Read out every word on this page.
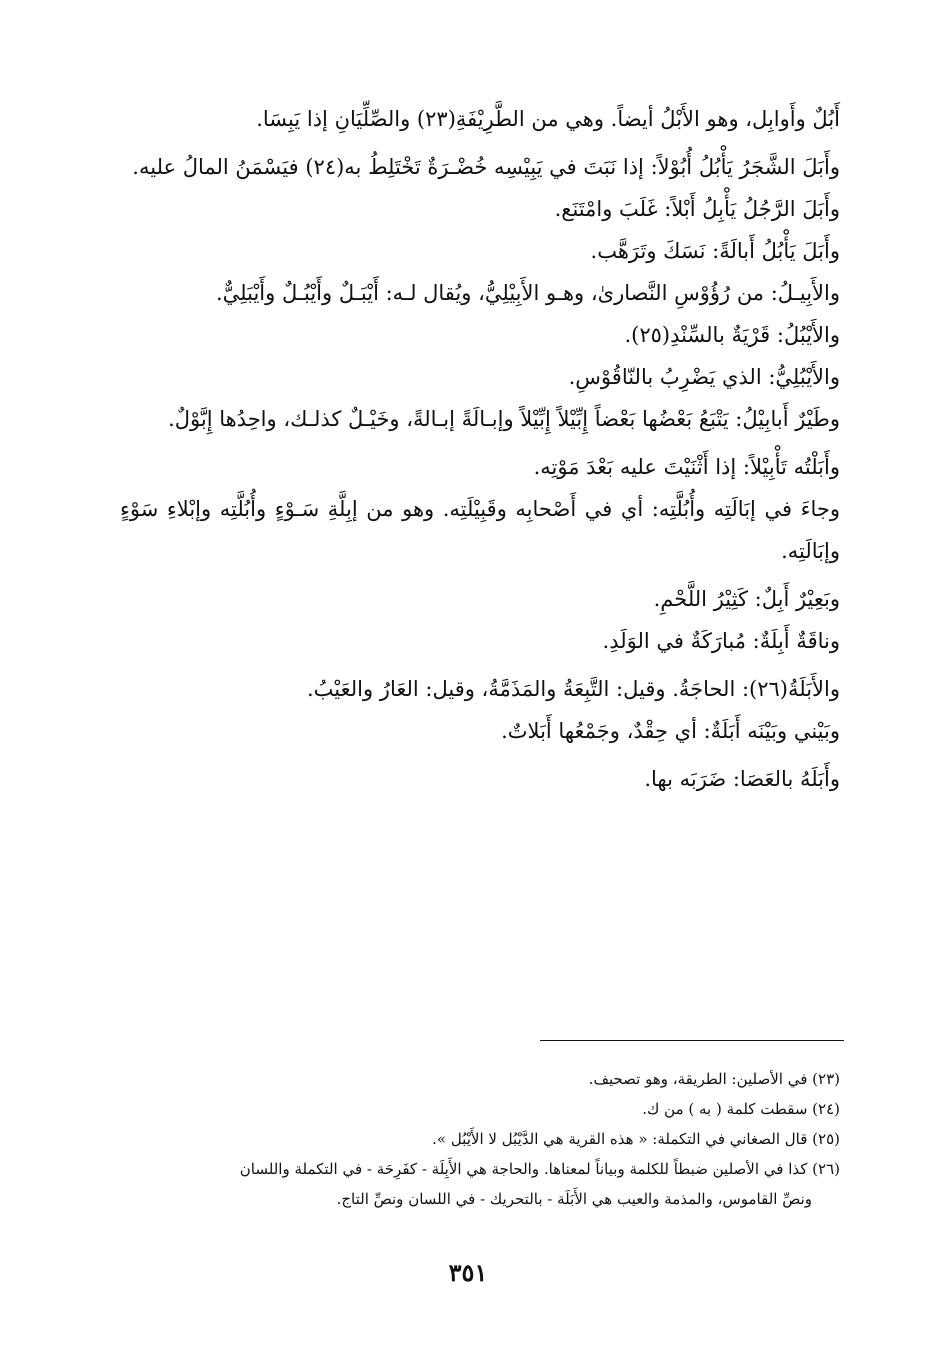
أَبُلٌ وأَوابِل، وهو الأَبْلُ أيضاً. وهي من الطَّرِيْفَةِ(٢٣) والصِّلِّيَانِ إذا يَبِسَا.

وأَبَلَ الشَّجَرُ يَأْبُلُ أُبُوْلاً: إذا نَبَتَ في يَبِيْسِه خُضْـرَةٌ تَخْتَلِطُ به(٢٤) فيَسْمَنُ المالُ عليه.

وأَبَلَ الرَّجُلُ يَأْبِلُ أَبْلاً: غَلَبَ وامْتَنَع.

وأَبَلَ يَأْبُلُ أَبالَةً: نَسَكَ وتَرَهَّب.

والأَبِيـلُ: من رُؤُوْسِ النَّصارىٰ، وهـو الأَبِيْلِيُّ، ويُقال لـه: أَيْبَـلٌ وأَيْبُـلٌ وأَيْبَلِيٌّ.

والأَيْبُلُ: قَرْيَةٌ بالسِّنْدِ(٢٥).

والأَيْبُلِيُّ: الذي يَضْرِبُ بالنّاقُوْسِ.

وطَيْرٌ أَبابِيْلُ: يَتْبَعُ بَعْضُها بَعْضاً إِبِّيْلاً إِبِّيْلاً وإبـالَةً إبـالةً، وخَيْـلٌ كذلـك، واحِدُها إِبَّوْلٌ.

وأَبَلْتُه تَأْبِيْلاً: إذا أَثْنَيْتَ عليه بَعْدَ مَوْتِه.

وجاءَ في إبَالَتِه وأُبُلَّتِه: أي في أَصْحابِه وقَبِيْلَتِه. وهو من إبِلَّةِ سَـوْءٍ وأُبُلَّتِه وإبْلاءِ سَوْءٍ وإبَالَتِه.

وبَعِيْرٌ أَبِلٌ: كَثِيْرُ اللَّحْمِ.

وناقَةٌ أَبِلَةٌ: مُبارَكَةٌ في الوَلَدِ.

والأَبَلَةُ(٢٦): الحاجَةُ. وقيل: التَّبِعَةُ والمَذَمَّةُ، وقيل: العَارُ والعَيْبُ.

وبَيْني وبَيْنَه أَبَلَةٌ: أي حِقْدٌ، وجَمْعُها أَبَلاتٌ.

وأَبَلَهُ بالعَصَا: ضَرَبَه بها.

(٢٣) في الأصلين: الطريقة، وهو تصحيف.

(٢٤) سقطت كلمة ( به ) من ك.

(٢٥) قال الصغاني في التكملة: « هذه القرية هي الدَّيْبُل لا الأَيْبُل ».

(٢٦) كذا في الأصلين ضبطاً للكلمة وبياناً لمعناها. والحاجة هي الأَبِلَة - كفَرِحَة - في التكملة واللسان

ونصِّ القاموس، والمذمة والعيب هي الأَبَلَة - بالتحريك - في اللسان ونصِّ التاج.

٣٥١
